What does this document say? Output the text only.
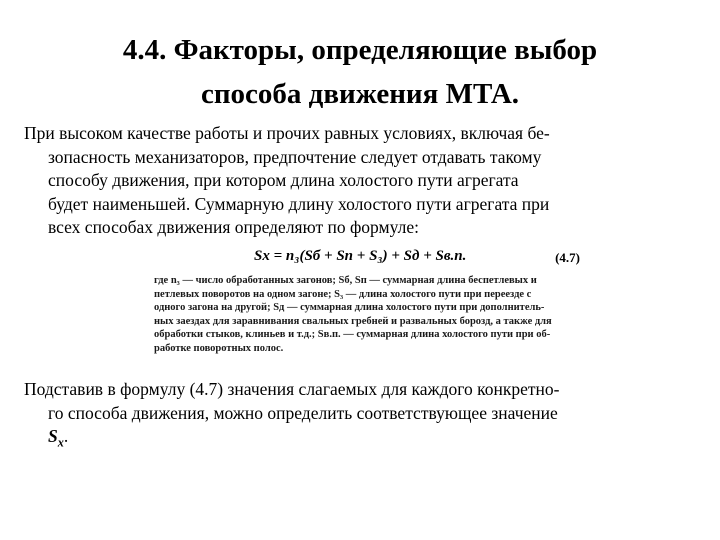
4.4. Факторы, определяющие выбор
способа движения МТА.
При высоком качестве работы и прочих равных условиях, включая бе-
зопасность механизаторов, предпочтение следует отдавать такому
способу движения, при котором длина холостого пути агрегата
будет наименьшей. Суммарную длину холостого пути агрегата при
всех способах движения определяют по формуле:
Sх = n₃(Sб + Sп + S₃) + Sд + Sв.п.	(4.7)
где n₃ — число обработанных загонов; Sб, Sп — суммарная длина беспетлевых и
петлевых поворотов на одном загоне; S₃ — длина холостого пути при переезде с
одного загона на другой; Sд — суммарная длина холостого пути при дополнитель-
ных заездах для заравнивания свальных гребней и развальных борозд, а также для
обработки стыков, клиньев и т.д.; Sв.п. — суммарная длина холостого пути при об-
работке поворотных полос.
Подставив в формулу (4.7) значения слагаемых для каждого конкретно-
го способа движения, можно определить соответствующее значение
$S_x$.
